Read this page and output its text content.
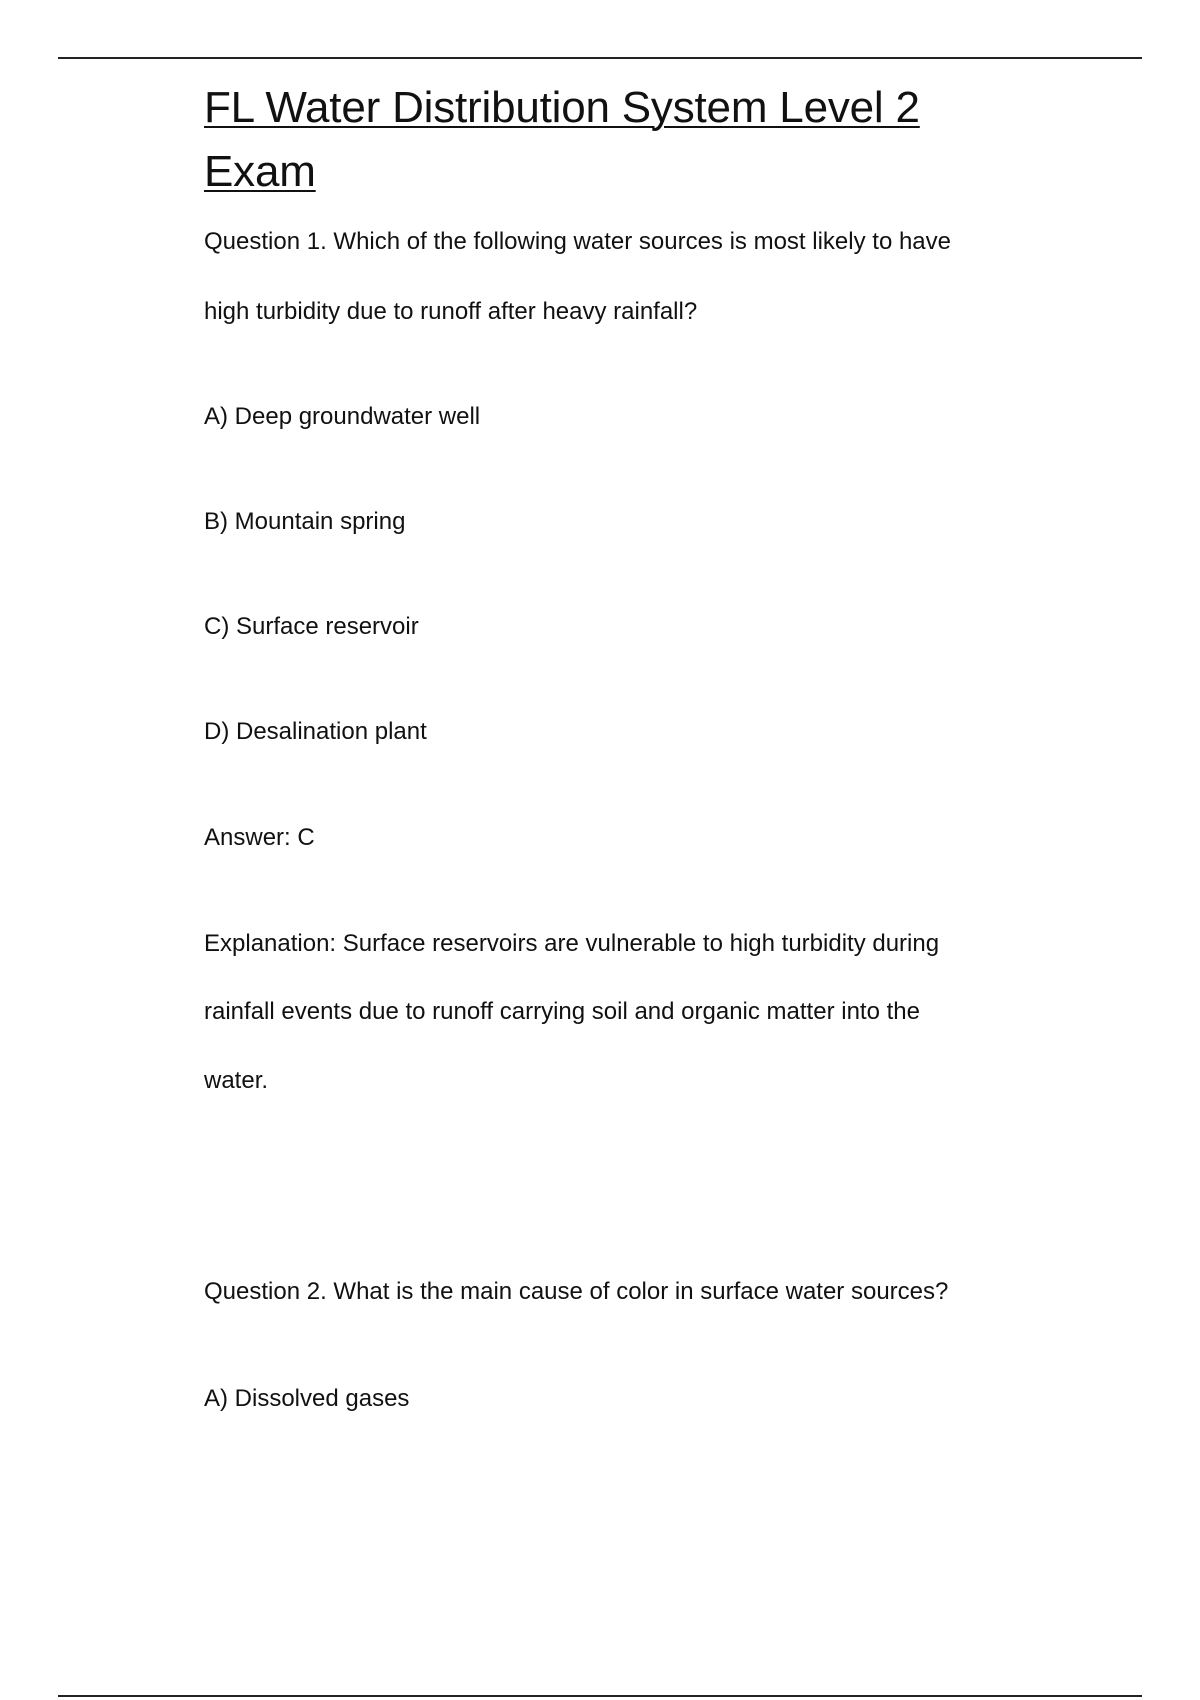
FL Water Distribution System Level 2 Exam

Question 1. Which of the following water sources is most likely to have

high turbidity due to runoff after heavy rainfall?

A) Deep groundwater well

B) Mountain spring

C) Surface reservoir

D) Desalination plant

Answer: C

Explanation: Surface reservoirs are vulnerable to high turbidity during

rainfall events due to runoff carrying soil and organic matter into the

water.

Question 2. What is the main cause of color in surface water sources?

A) Dissolved gases
